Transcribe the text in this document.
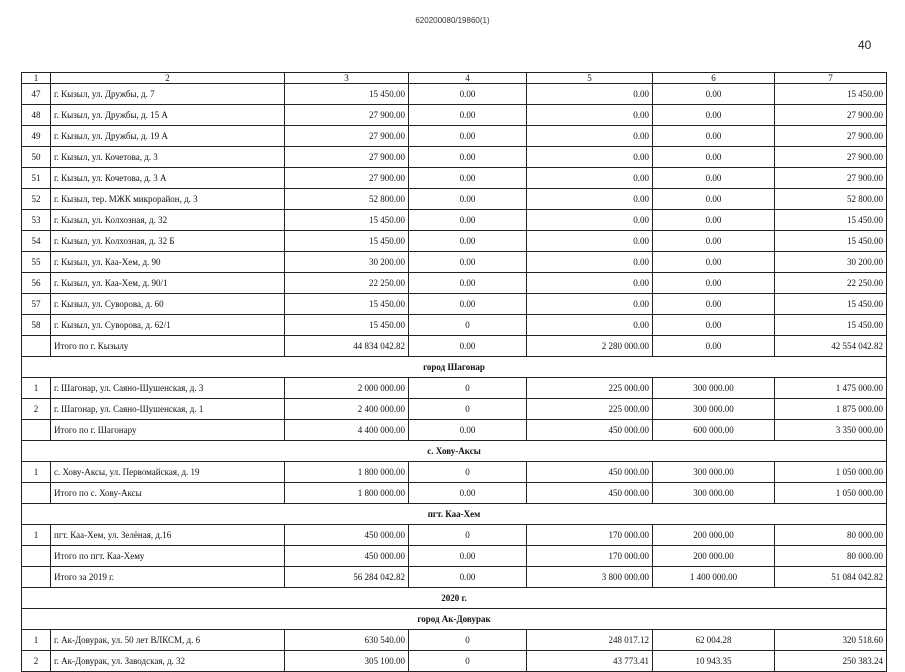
620200080/19860(1)
40
1	2	3	4	5	6	7
47	г. Кызыл, ул. Дружбы, д. 7	15 450.00	0.00	0.00	0.00	15 450.00
48	г. Кызыл, ул. Дружбы, д. 15 А	27 900.00	0.00	0.00	0.00	27 900.00
49	г. Кызыл, ул. Дружбы, д. 19 А	27 900.00	0.00	0.00	0.00	27 900.00
50	г. Кызыл, ул. Кочетова, д. 3	27 900.00	0.00	0.00	0.00	27 900.00
51	г. Кызыл, ул. Кочетова, д. 3 А	27 900.00	0.00	0.00	0.00	27 900.00
52	г. Кызыл, тер. МЖК микрорайон, д. 3	52 800.00	0.00	0.00	0.00	52 800.00
53	г. Кызыл, ул. Колхозная, д. 32	15 450.00	0.00	0.00	0.00	15 450.00
54	г. Кызыл, ул. Колхозная, д. 32 Б	15 450.00	0.00	0.00	0.00	15 450.00
55	г. Кызыл, ул. Каа-Хем, д. 90	30 200.00	0.00	0.00	0.00	30 200.00
56	г. Кызыл, ул. Каа-Хем, д. 90/1	22 250.00	0.00	0.00	0.00	22 250.00
57	г. Кызыл, ул. Суворова, д. 60	15 450.00	0.00	0.00	0.00	15 450.00
58	г. Кызыл, ул. Суворова, д. 62/1	15 450.00	0	0.00	0.00	15 450.00
	Итого по г. Кызылу	44 834 042.82	0.00	2 280 000.00	0.00	42 554 042.82
город Шагонар						
1	г. Шагонар, ул. Саяно-Шушенская, д. 3	2 000 000.00	0	225 000.00	300 000.00	1 475 000.00
2	г. Шагонар, ул. Саяно-Шушенская, д. 1	2 400 000.00	0	225 000.00	300 000.00	1 875 000.00
	Итого по г. Шагонару	4 400 000.00	0.00	450 000.00	600 000.00	3 350 000.00
с. Хову-Аксы						
1	с. Хову-Аксы, ул. Первомайская, д. 19	1 800 000.00	0	450 000.00	300 000.00	1 050 000.00
	Итого по с. Хову-Аксы	1 800 000.00	0.00	450 000.00	300 000.00	1 050 000.00
пгт. Каа-Хем						
1	пгт. Каа-Хем, ул. Зелёная, д.16	450 000.00	0	170 000.00	200 000.00	80 000.00
	Итого по пгт. Каа-Хему	450 000.00	0.00	170 000.00	200 000.00	80 000.00
	Итого за 2019 г.	56 284 042.82	0.00	3 800 000.00	1 400 000.00	51 084 042.82
2020 г.						
город Ак-Довурак						
1	г. Ак-Довурак, ул. 50 лет ВЛКСМ, д. 6	630 540.00	0	248 017.12	62 004.28	320 518.60
2	г. Ак-Довурак, ул. Заводская, д. 32	305 100.00	0	43 773.41	10 943.35	250 383.24
